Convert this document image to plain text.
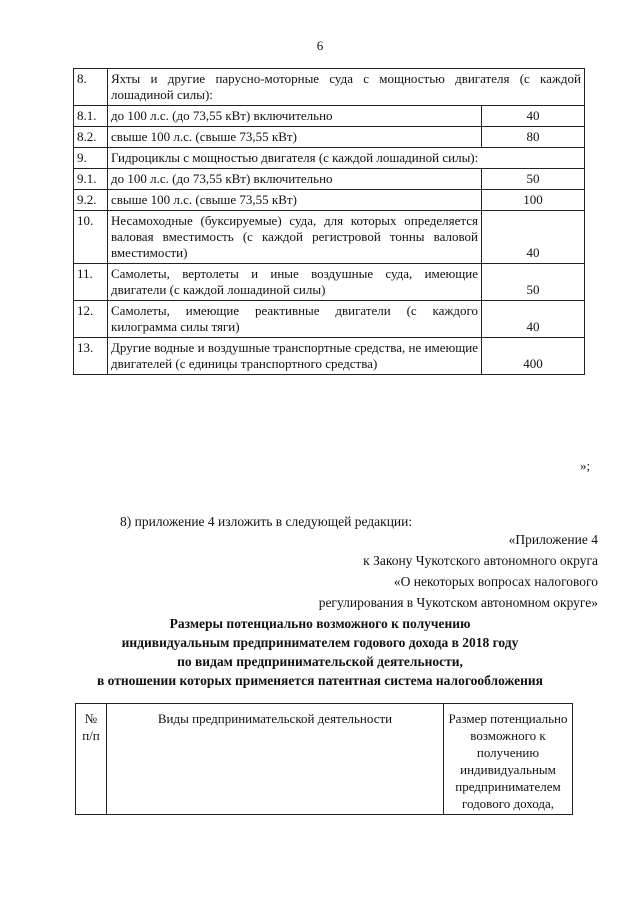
6
8.	Яхты и другие парусно-моторные суда с мощностью двигателя (с каждой лошадиной силы):	
8.1.	до 100 л.с. (до 73,55 кВт) включительно	40
8.2.	свыше 100 л.с. (свыше 73,55 кВт)	80
9.	Гидроциклы с мощностью двигателя (с каждой лошадиной силы):	
9.1.	до 100 л.с. (до 73,55 кВт) включительно	50
9.2.	свыше 100 л.с. (свыше 73,55 кВт)	100
10.	Несамоходные (буксируемые) суда, для которых определяется валовая вместимость (с каждой регистровой тонны валовой вместимости)	40
11.	Самолеты, вертолеты и иные воздушные суда, имеющие двигатели (с каждой лошадиной силы)	50
12.	Самолеты, имеющие реактивные двигатели (с каждого килограмма силы тяги)	40
13.	Другие водные и воздушные транспортные средства, не имеющие двигателей (с единицы транспортного средства)	400
»;
8) приложение 4 изложить в следующей редакции:
«Приложение 4
к Закону Чукотского автономного округа
«О некоторых вопросах налогового
регулирования в Чукотском автономном округе»
Размеры потенциально возможного к получению
индивидуальным предпринимателем годового дохода в 2018 году
по видам предпринимательской деятельности,
в отношении которых применяется патентная система налогообложения
№ п/п	Виды предпринимательской деятельности	Размер потенциально возможного к получению индивидуальным предпринимателем годового дохода,
